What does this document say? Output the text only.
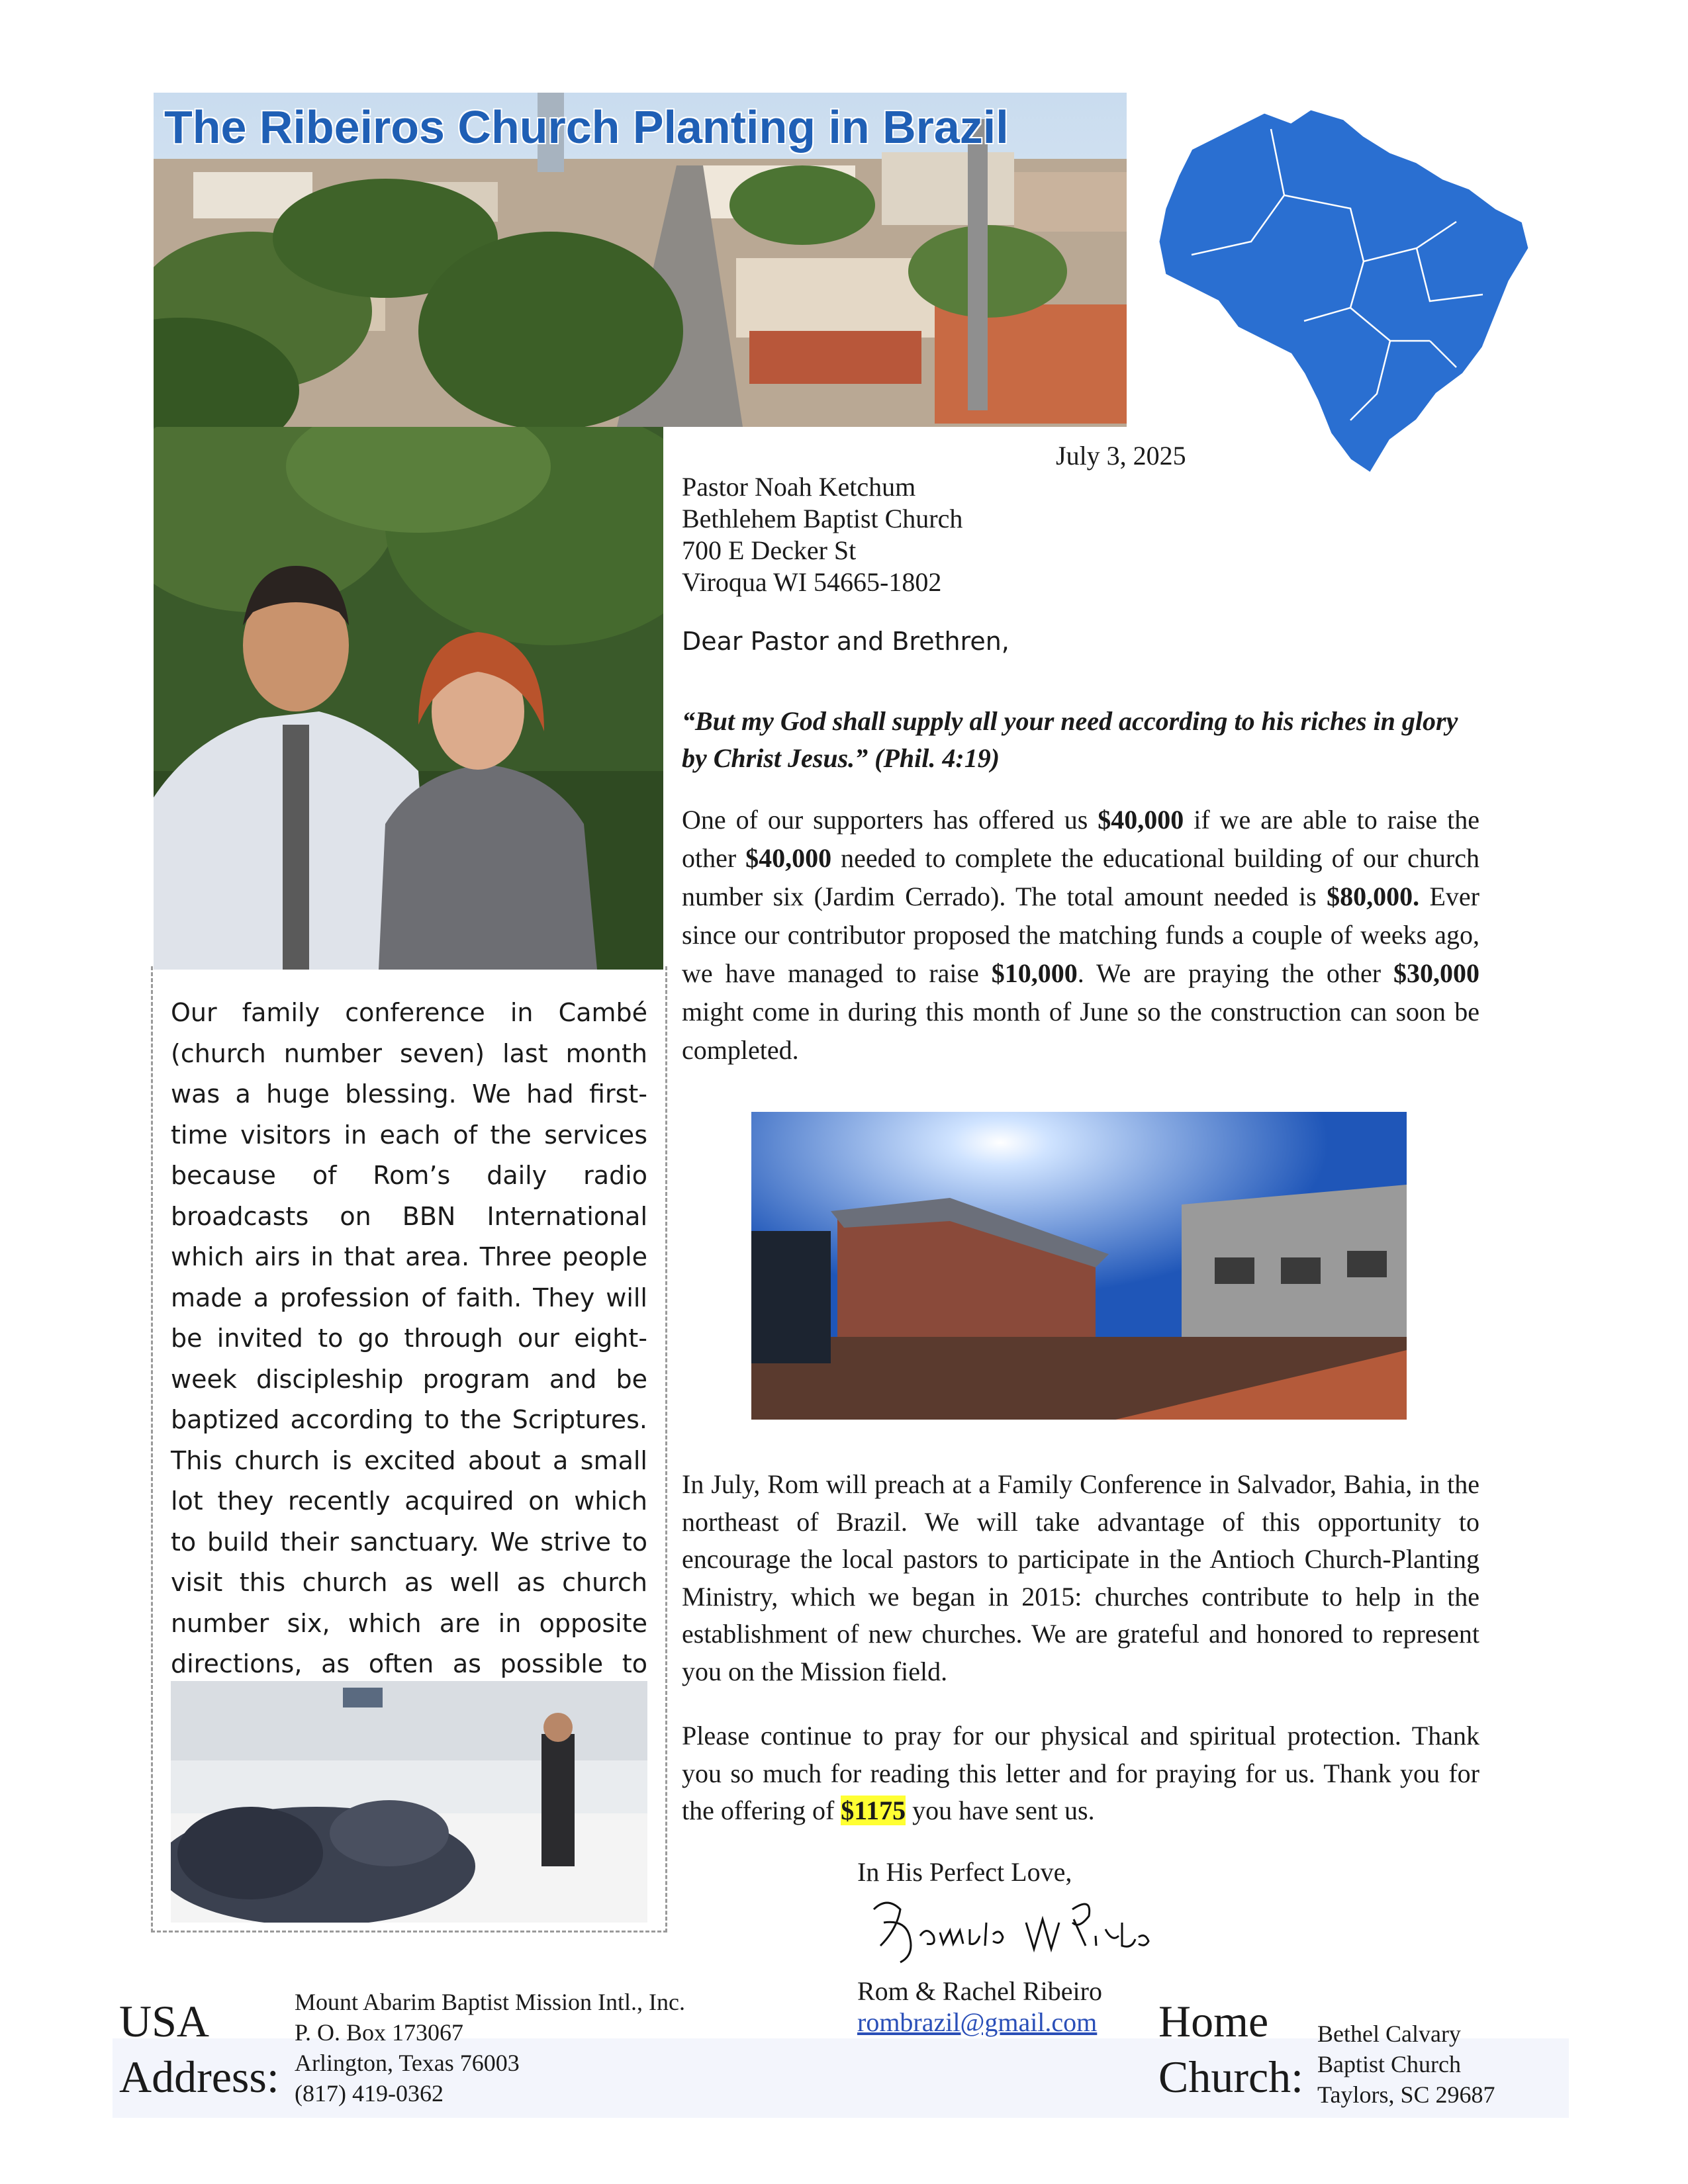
The Ribeiros Church Planting in Brazil
Our family conference in Cambé (church number seven) last month was a huge blessing. We had first-time visitors in each of the services because of Rom’s daily radio broadcasts on BBN International which airs in that area. Three people made a profession of faith. They will be invited to go through our eight-week discipleship program and be baptized according to the Scriptures. This church is excited about a small lot they recently acquired on which to build their sanctuary. We strive to visit this church as well as church number six, which are in opposite directions, as often as possible to
July 3, 2025
Pastor Noah Ketchum
Bethlehem Baptist Church
700 E Decker St
Viroqua WI 54665-1802
Dear Pastor and Brethren,
“But my God shall supply all your need according to his riches in glory by Christ Jesus.” (Phil. 4:19)
One of our supporters has offered us $40,000 if we are able to raise the other $40,000 needed to complete the educational building of our church number six (Jardim Cerrado). The total amount needed is $80,000. Ever since our contributor proposed the matching funds a couple of weeks ago, we have managed to raise $10,000. We are praying the other $30,000 might come in during this month of June so the construction can soon be completed.
In July, Rom will preach at a Family Conference in Salvador, Bahia, in the northeast of Brazil. We will take advantage of this opportunity to encourage the local pastors to participate in the Antioch Church-Planting Ministry, which we began in 2015: churches contribute to help in the establishment of new churches. We are grateful and honored to represent you on the Mission field.
Please continue to pray for our physical and spiritual protection. Thank you so much for reading this letter and for praying for us. Thank you for the offering of $1175 you have sent us.
In His Perfect Love,
Rom & Rachel Ribeiro
rombrazil@gmail.com
USA
Address:
Mount Abarim Baptist Mission Intl., Inc.
P. O. Box 173067
Arlington, Texas 76003
(817) 419-0362
Home
Church:
Bethel Calvary
Baptist Church
Taylors, SC 29687
